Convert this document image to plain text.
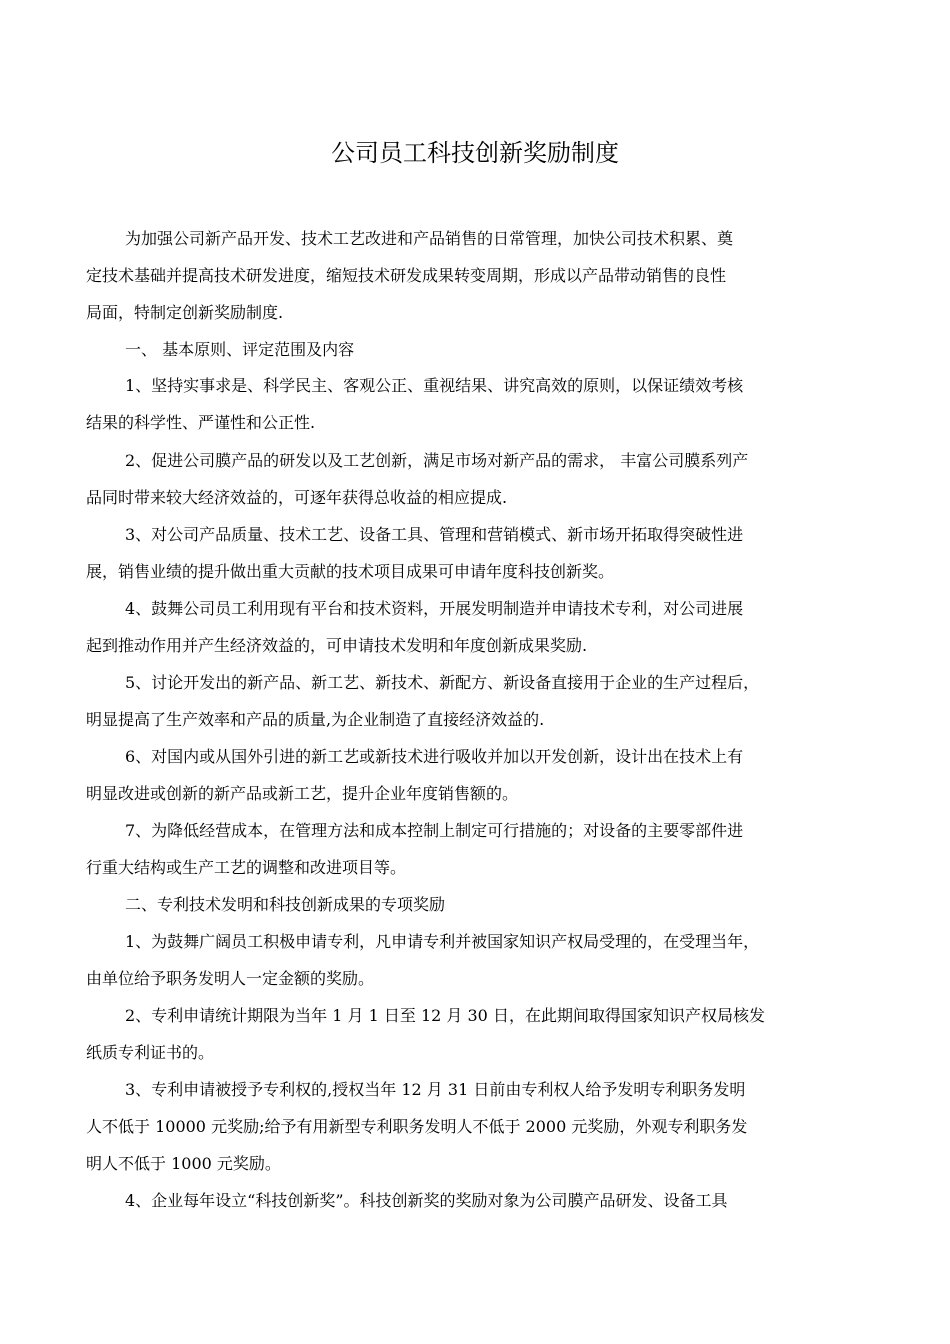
公司员工科技创新奖励制度
为加强公司新产品开发、技术工艺改进和产品销售的日常管理，加快公司技术积累、奠
定技术基础并提高技术研发进度，缩短技术研发成果转变周期，形成以产品带动销售的良性
局面，特制定创新奖励制度.
一、 基本原则、评定范围及内容
1、坚持实事求是、科学民主、客观公正、重视结果、讲究高效的原则，以保证绩效考核
结果的科学性、严谨性和公正性.
2、促进公司膜产品的研发以及工艺创新，满足市场对新产品的需求， 丰富公司膜系列产
品同时带来较大经济效益的，可逐年获得总收益的相应提成.
3、对公司产品质量、技术工艺、设备工具、管理和营销模式、新市场开拓取得突破性进
展，销售业绩的提升做出重大贡献的技术项目成果可申请年度科技创新奖。
4、鼓舞公司员工利用现有平台和技术资料，开展发明制造并申请技术专利，对公司进展
起到推动作用并产生经济效益的，可申请技术发明和年度创新成果奖励.
5、讨论开发出的新产品、新工艺、新技术、新配方、新设备直接用于企业的生产过程后，
明显提高了生产效率和产品的质量,为企业制造了直接经济效益的.
6、对国内或从国外引进的新工艺或新技术进行吸收并加以开发创新，设计出在技术上有
明显改进或创新的新产品或新工艺，提升企业年度销售额的。
7、为降低经营成本，在管理方法和成本控制上制定可行措施的；对设备的主要零部件进
行重大结构或生产工艺的调整和改进项目等。
二、专利技术发明和科技创新成果的专项奖励
1、为鼓舞广阔员工积极申请专利，凡申请专利并被国家知识产权局受理的，在受理当年，
由单位给予职务发明人一定金额的奖励。
2、专利申请统计期限为当年 1 月 1 日至 12 月 30 日，在此期间取得国家知识产权局核发
纸质专利证书的。
3、专利申请被授予专利权的,授权当年 12 月 31 日前由专利权人给予发明专利职务发明
人不低于 10000 元奖励;给予有用新型专利职务发明人不低于 2000 元奖励，外观专利职务发
明人不低于 1000 元奖励。
4、企业每年设立“科技创新奖”。科技创新奖的奖励对象为公司膜产品研发、设备工具
